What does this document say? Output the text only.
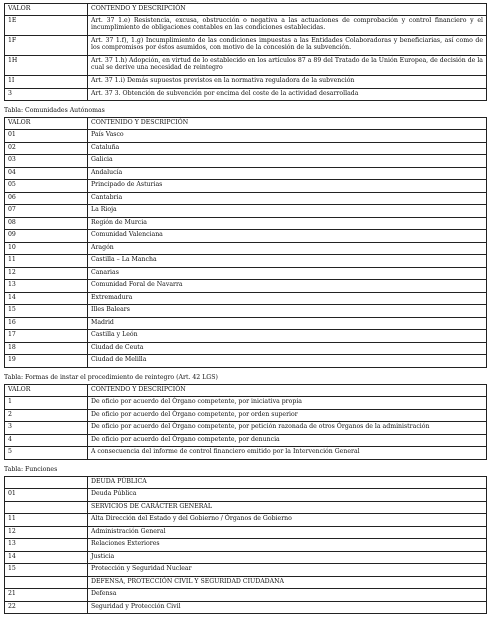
VALOR	CONTENDO Y DESCRIPCIÓN
1E	Art. 37 1.e) Resistencia, excusa, obstrucción o negativa a las actuaciones de comprobación y control financiero y el incumplimiento de obligaciones contables en las condiciones establecidas.
1F	Art. 37 1.f), 1.g) Incumplimiento de las condiciones impuestas a las Entidades Colaboradoras y beneficiarias, así como de los compromisos por éstos asumidos, con motivo de la concesión de la subvención.
1H	Art. 37 1.h) Adopción, en virtud de lo establecido en los artículos 87 a 89 del Tratado de la Unión Europea, de decisión de la cual se derive una necesidad de reintegro
1I	Art. 37 1.i) Demás supuestos previstos en la normativa reguladora de la subvención
3	Art. 37 3. Obtención de subvención por encima del coste de la actividad desarrollada
Tabla: Comunidades Autónomas
VALOR	CONTENIDO Y DESCRIPCIÓN
01	País Vasco
02	Cataluña
03	Galicia
04	Andalucía
05	Principado de Asturias
06	Cantabria
07	La Rioja
08	Región de Murcia
09	Comunidad Valenciana
10	Aragón
11	Castilla – La Mancha
12	Canarias
13	Comunidad Foral de Navarra
14	Extremadura
15	Illes Balears
16	Madrid
17	Castilla y León
18	Ciudad de Ceuta
19	Ciudad de Melilla
Tabla: Formas de instar el procedimiento de reintegro (Art. 42 LGS)
VALOR	CONTENDO Y DESCRIPCIÓN
1	De oficio por acuerdo del Órgano competente, por iniciativa propia
2	De oficio por acuerdo del Órgano competente, por orden superior
3	De oficio por acuerdo del Órgano competente, por petición razonada de otros Órganos de la administración
4	De oficio por acuerdo del Órgano competente, por denuncia
5	A consecuencia del informe de control financiero emitido por la Intervención General
Tabla: Funciones
	DEUDA PÚBLICA
01	Deuda Pública
	SERVICIOS DE CARÁCTER GENERAL
11	Alta Dirección del Estado y del Gobierno / Órganos de Gobierno
12	Administración General
13	Relaciones Exteriores
14	Justicia
15	Protección y Seguridad Nuclear
	DEFENSA, PROTECCIÓN CIVIL Y SEGURIDAD CIUDADANA
21	Defensa
22	Seguridad y Protección Civil
